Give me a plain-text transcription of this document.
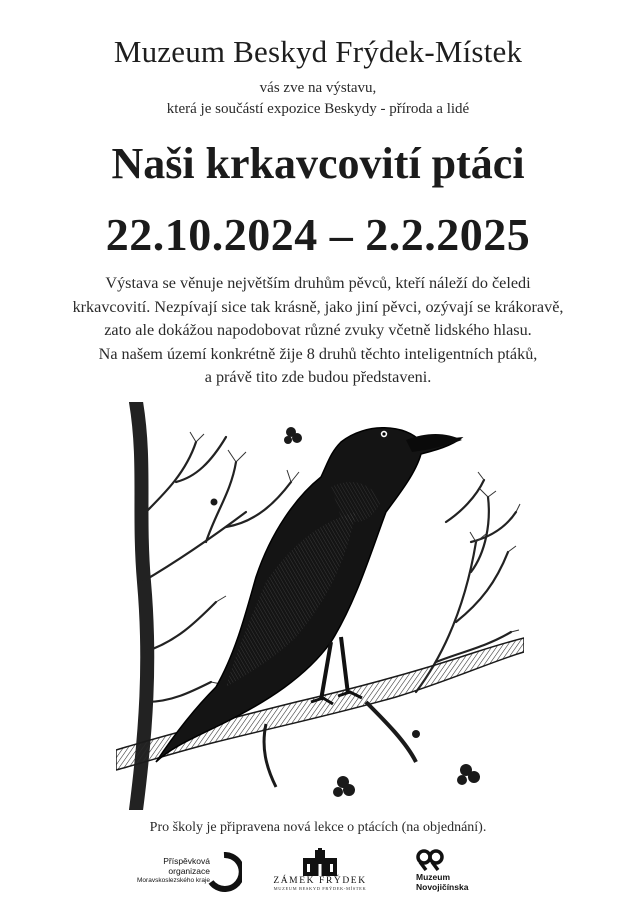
Muzeum Beskyd Frýdek-Místek
vás zve na výstavu,
která je součástí expozice Beskydy - příroda a lidé
Naši krkavcovití ptáci
22.10.2024 – 2.2.2025
Výstava se věnuje největším druhům pěvců, kteří náleží do čeledi
krkavcovití. Nezpívají sice tak krásně, jako jiní pěvci, ozývají se krákoravě,
zato ale dokážou napodobovat různé zvuky včetně lidského hlasu.
Na našem území konkrétně žije 8 druhů těchto inteligentních ptáků,
a právě tito zde budou představeni.
Pro školy je připravena nová lekce o ptácích (na objednání).
Příspěvková organizace
Moravskoslezského kraje	ZÁMEK FRÝDEK
MUZEUM BESKYD FRÝDEK-MÍSTEK
Muzeum
Novojičínska
